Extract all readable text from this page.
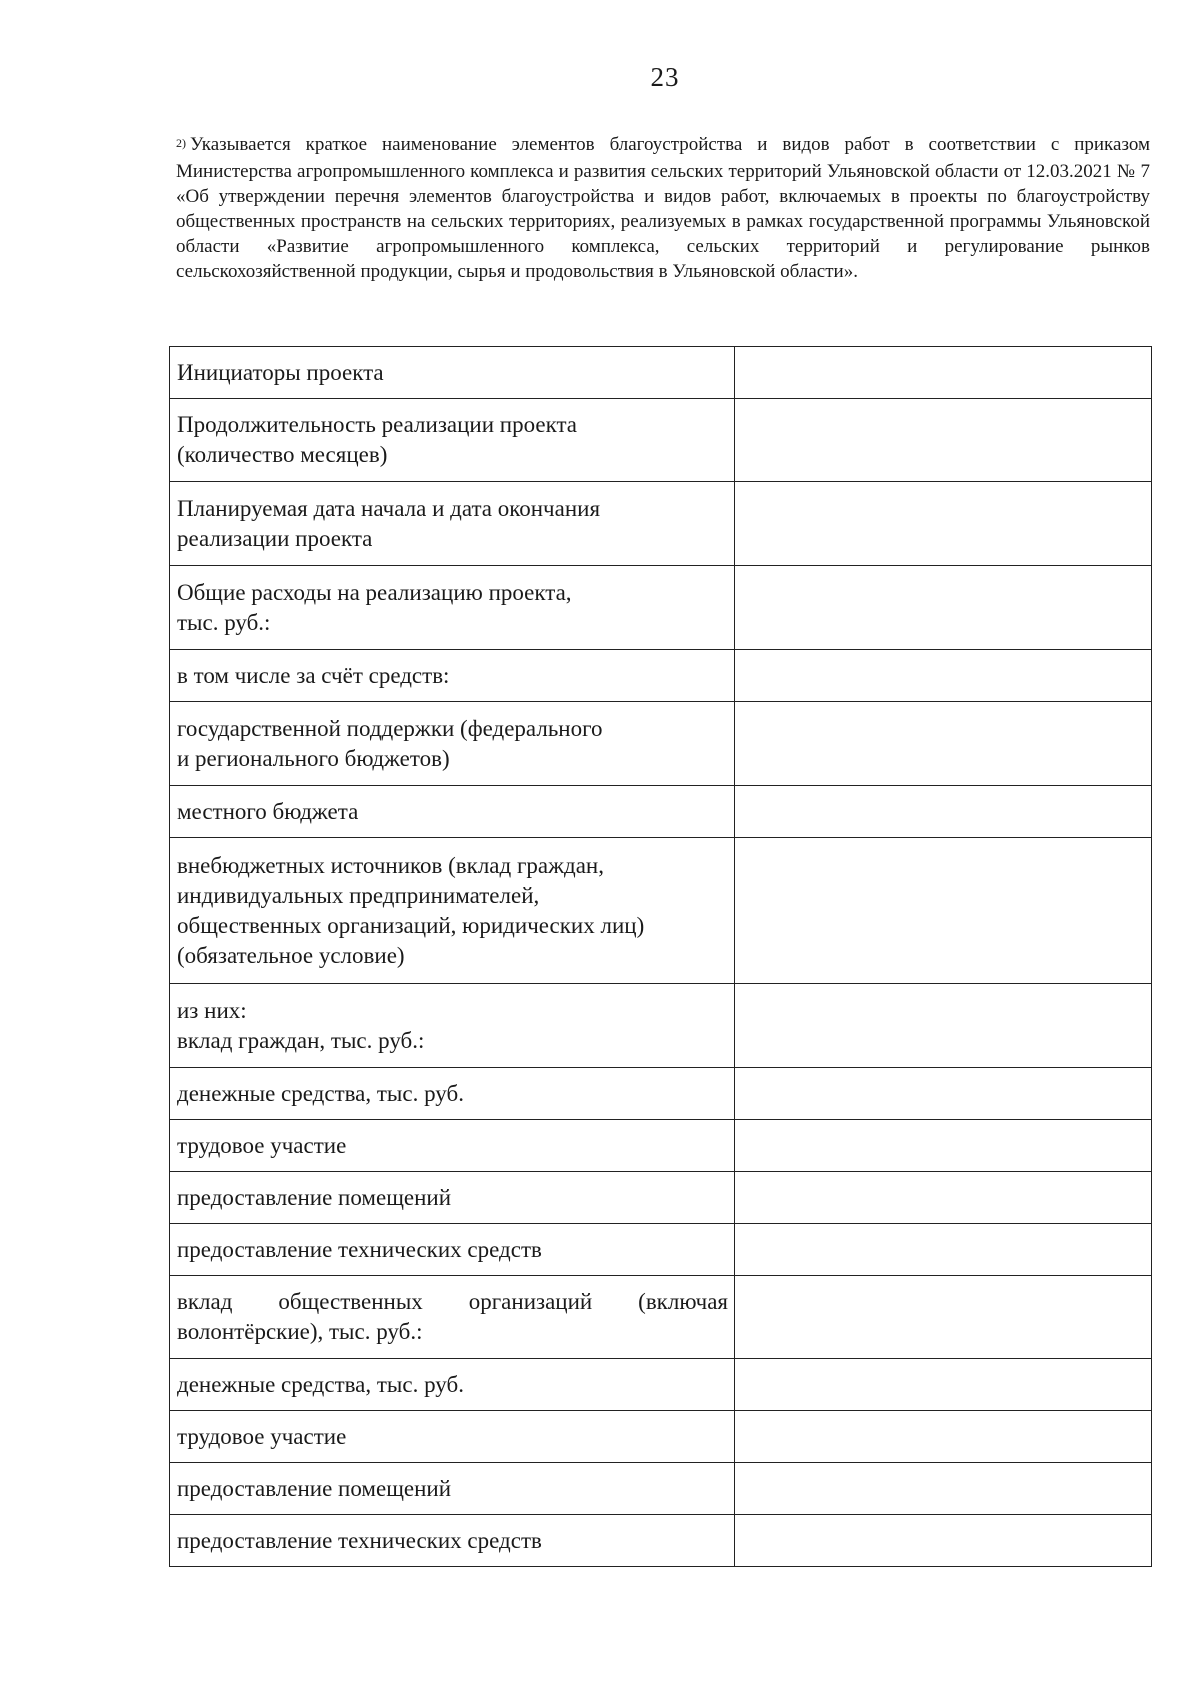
23
$^{2)}$ Указывается краткое наименование элементов благоустройства и видов работ в соответствии с приказом Министерства агропромышленного комплекса и развития сельских территорий Ульяновской области от 12.03.2021 № 7 «Об утверждении перечня элементов благоустройства и видов работ, включаемых в проекты по благоустройству общественных пространств на сельских территориях, реализуемых в рамках государственной программы Ульяновской области «Развитие агропромышленного комплекса, сельских территорий и регулирование рынков сельскохозяйственной продукции, сырья и продовольствия в Ульяновской области».
Инициаторы проекта	

Продолжительность реализации проекта
(количество месяцев)	

Планируемая дата начала и дата окончания
реализации проекта	

Общие расходы на реализацию проекта,
тыс. руб.:	

в том числе за счёт средств:	

государственной поддержки (федерального
и регионального бюджетов)	

местного бюджета	

внебюджетных источников (вклад граждан,
индивидуальных предпринимателей,
общественных организаций, юридических лиц)
(обязательное условие)	

из них:
вклад граждан, тыс. руб.:	

денежные средства, тыс. руб.	

трудовое участие	

предоставление помещений	

предоставление технических средств	

вклад общественных организаций (включая волонтёрские), тыс. руб.:	

денежные средства, тыс. руб.	

трудовое участие	

предоставление помещений	

предоставление технических средств	
